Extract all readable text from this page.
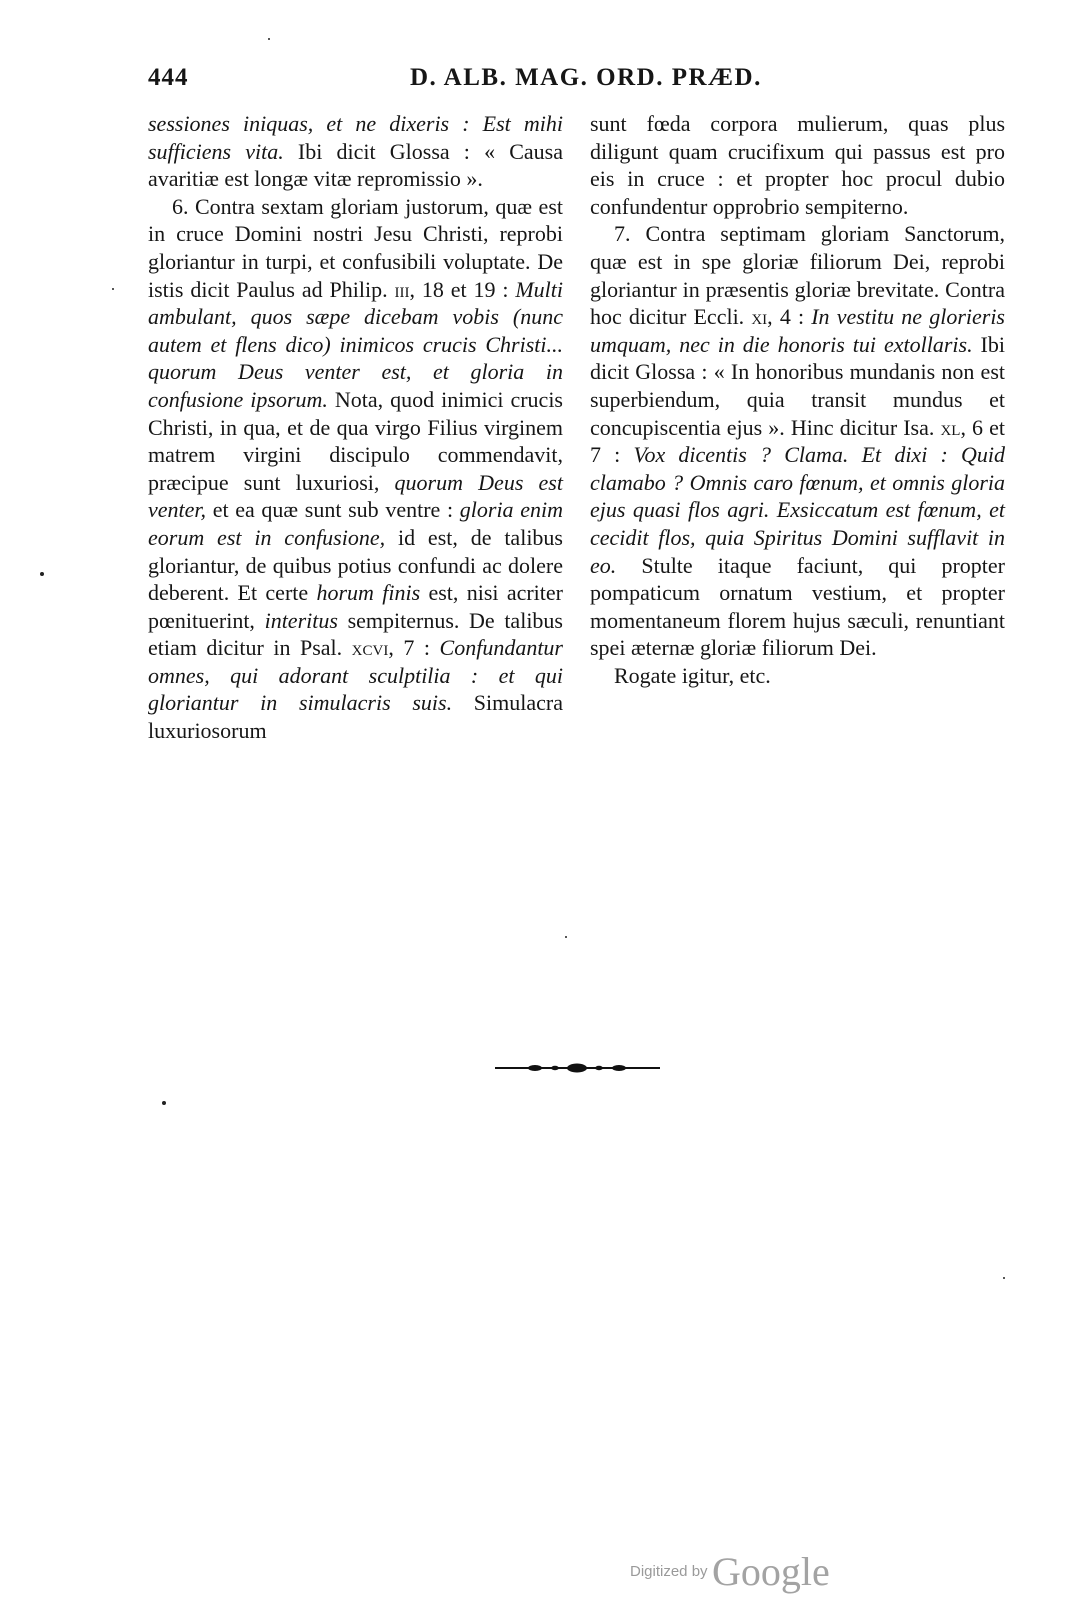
444	D. ALB. MAG. ORD. PRÆD.

sessiones iniquas, et ne dixeris : Est mihi sufficiens vita. Ibi dicit Glossa : « Causa avaritiæ est longæ vitæ repromissio ».

6. Contra sextam gloriam justorum, quæ est in cruce Domini nostri Jesu Christi, reprobi gloriantur in turpi, et confusibili voluptate. De istis dicit Paulus ad Philip. iii, 18 et 19 : Multi ambulant, quos sæpe dicebam vobis (nunc autem et flens dico) inimicos crucis Christi... quorum Deus venter est, et gloria in confusione ipsorum. Nota, quod inimici crucis Christi, in qua, et de qua virgo Filius virginem matrem virgini discipulo commendavit, præcipue sunt luxuriosi, quorum Deus est venter, et ea quæ sunt sub ventre : gloria enim eorum est in confusione, id est, de talibus gloriantur, de quibus potius confundi ac dolere deberent. Et certe horum finis est, nisi acriter pœnituerint, interitus sempiternus. De talibus etiam dicitur in Psal. xcvi, 7 : Confundantur omnes, qui adorant sculptilia : et qui gloriantur in simulacris suis. Simulacra luxuriosorum

sunt fœda corpora mulierum, quas plus diligunt quam crucifixum qui passus est pro eis in cruce : et propter hoc procul dubio confundentur opprobrio sempiterno.

7. Contra septimam gloriam Sanctorum, quæ est in spe gloriæ filiorum Dei, reprobi gloriantur in præsentis gloriæ brevitate. Contra hoc dicitur Eccli. xi, 4 : In vestitu ne glorieris umquam, nec in die honoris tui extollaris. Ibi dicit Glossa : « In honoribus mundanis non est superbiendum, quia transit mundus et concupiscentia ejus ». Hinc dicitur Isa. xl, 6 et 7 : Vox dicentis ? Clama. Et dixi : Quid clamabo ? Omnis caro fœnum, et omnis gloria ejus quasi flos agri. Exsiccatum est fœnum, et cecidit flos, quia Spiritus Domini sufflavit in eo. Stulte itaque faciunt, qui propter pompaticum ornatum vestium, et propter momentaneum florem hujus sæculi, renuntiant spei æternæ gloriæ filiorum Dei.

Rogate igitur, etc.

Digitized by Google
